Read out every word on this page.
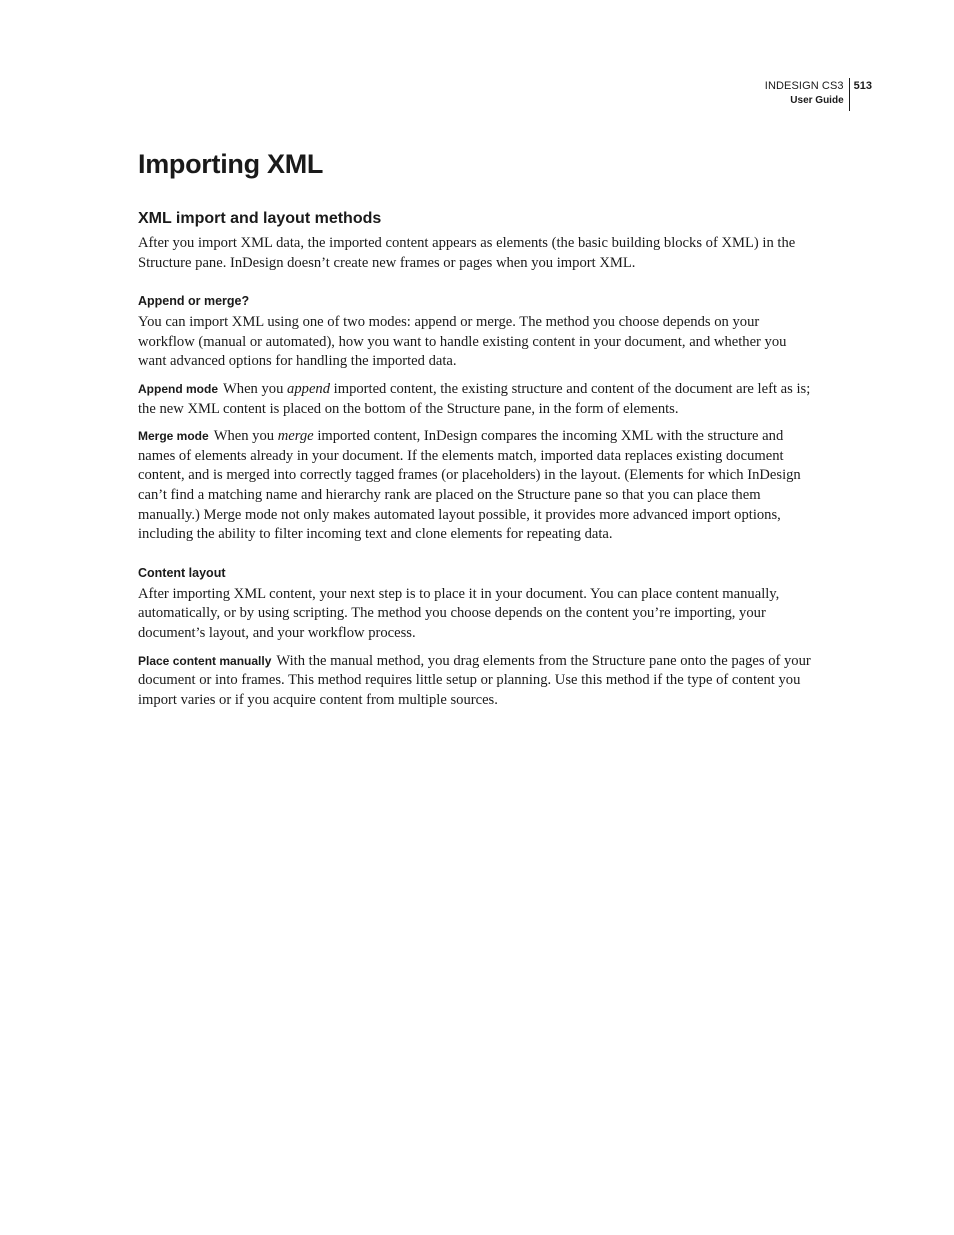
INDESIGN CS3
User Guide
513
Importing XML
XML import and layout methods

After you import XML data, the imported content appears as elements (the basic building blocks of XML) in the Structure pane. InDesign doesn’t create new frames or pages when you import XML.

Append or merge?

You can import XML using one of two modes: append or merge. The method you choose depends on your workflow (manual or automated), how you want to handle existing content in your document, and whether you want advanced options for handling the imported data.

Append mode When you append imported content, the existing structure and content of the document are left as is; the new XML content is placed on the bottom of the Structure pane, in the form of elements.

Merge mode When you merge imported content, InDesign compares the incoming XML with the structure and names of elements already in your document. If the elements match, imported data replaces existing document content, and is merged into correctly tagged frames (or placeholders) in the layout. (Elements for which InDesign can’t find a matching name and hierarchy rank are placed on the Structure pane so that you can place them manually.) Merge mode not only makes automated layout possible, it provides more advanced import options, including the ability to filter incoming text and clone elements for repeating data.

Content layout

After importing XML content, your next step is to place it in your document. You can place content manually, automatically, or by using scripting. The method you choose depends on the content you’re importing, your document’s layout, and your workflow process.

Place content manually With the manual method, you drag elements from the Structure pane onto the pages of your document or into frames. This method requires little setup or planning. Use this method if the type of content you import varies or if you acquire content from multiple sources.
